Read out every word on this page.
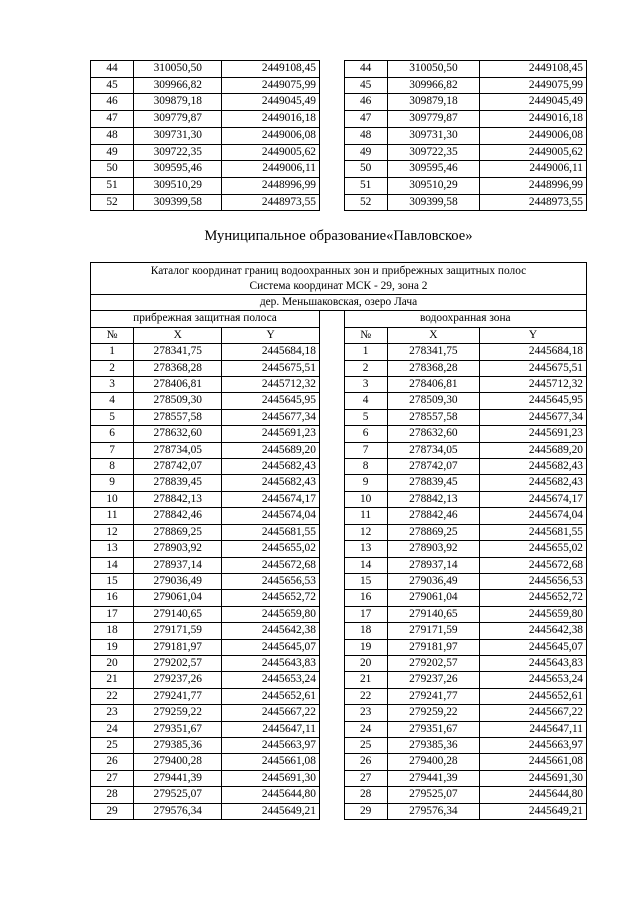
44	310050,50	2449108,45		44	310050,50	2449108,45
45	309966,82	2449075,99		45	309966,82	2449075,99
46	309879,18	2449045,49		46	309879,18	2449045,49
47	309779,87	2449016,18		47	309779,87	2449016,18
48	309731,30	2449006,08		48	309731,30	2449006,08
49	309722,35	2449005,62		49	309722,35	2449005,62
50	309595,46	2449006,11		50	309595,46	2449006,11
51	309510,29	2448996,99		51	309510,29	2448996,99
52	309399,58	2448973,55		52	309399,58	2448973,55
Муниципальное образование«Павловское»
Каталог координат границ водоохранных зон и прибрежных защитных полос
Система координат МСК - 29, зона 2						
дер. Меньшаковская, озеро Лача						
прибрежная защитная полоса				водоохранная зона		
№	X	Y		№	X	Y
1	278341,75	2445684,18		1	278341,75	2445684,18
2	278368,28	2445675,51		2	278368,28	2445675,51
3	278406,81	2445712,32		3	278406,81	2445712,32
4	278509,30	2445645,95		4	278509,30	2445645,95
5	278557,58	2445677,34		5	278557,58	2445677,34
6	278632,60	2445691,23		6	278632,60	2445691,23
7	278734,05	2445689,20		7	278734,05	2445689,20
8	278742,07	2445682,43		8	278742,07	2445682,43
9	278839,45	2445682,43		9	278839,45	2445682,43
10	278842,13	2445674,17		10	278842,13	2445674,17
11	278842,46	2445674,04		11	278842,46	2445674,04
12	278869,25	2445681,55		12	278869,25	2445681,55
13	278903,92	2445655,02		13	278903,92	2445655,02
14	278937,14	2445672,68		14	278937,14	2445672,68
15	279036,49	2445656,53		15	279036,49	2445656,53
16	279061,04	2445652,72		16	279061,04	2445652,72
17	279140,65	2445659,80		17	279140,65	2445659,80
18	279171,59	2445642,38		18	279171,59	2445642,38
19	279181,97	2445645,07		19	279181,97	2445645,07
20	279202,57	2445643,83		20	279202,57	2445643,83
21	279237,26	2445653,24		21	279237,26	2445653,24
22	279241,77	2445652,61		22	279241,77	2445652,61
23	279259,22	2445667,22		23	279259,22	2445667,22
24	279351,67	2445647,11		24	279351,67	2445647,11
25	279385,36	2445663,97		25	279385,36	2445663,97
26	279400,28	2445661,08		26	279400,28	2445661,08
27	279441,39	2445691,30		27	279441,39	2445691,30
28	279525,07	2445644,80		28	279525,07	2445644,80
29	279576,34	2445649,21		29	279576,34	2445649,21
